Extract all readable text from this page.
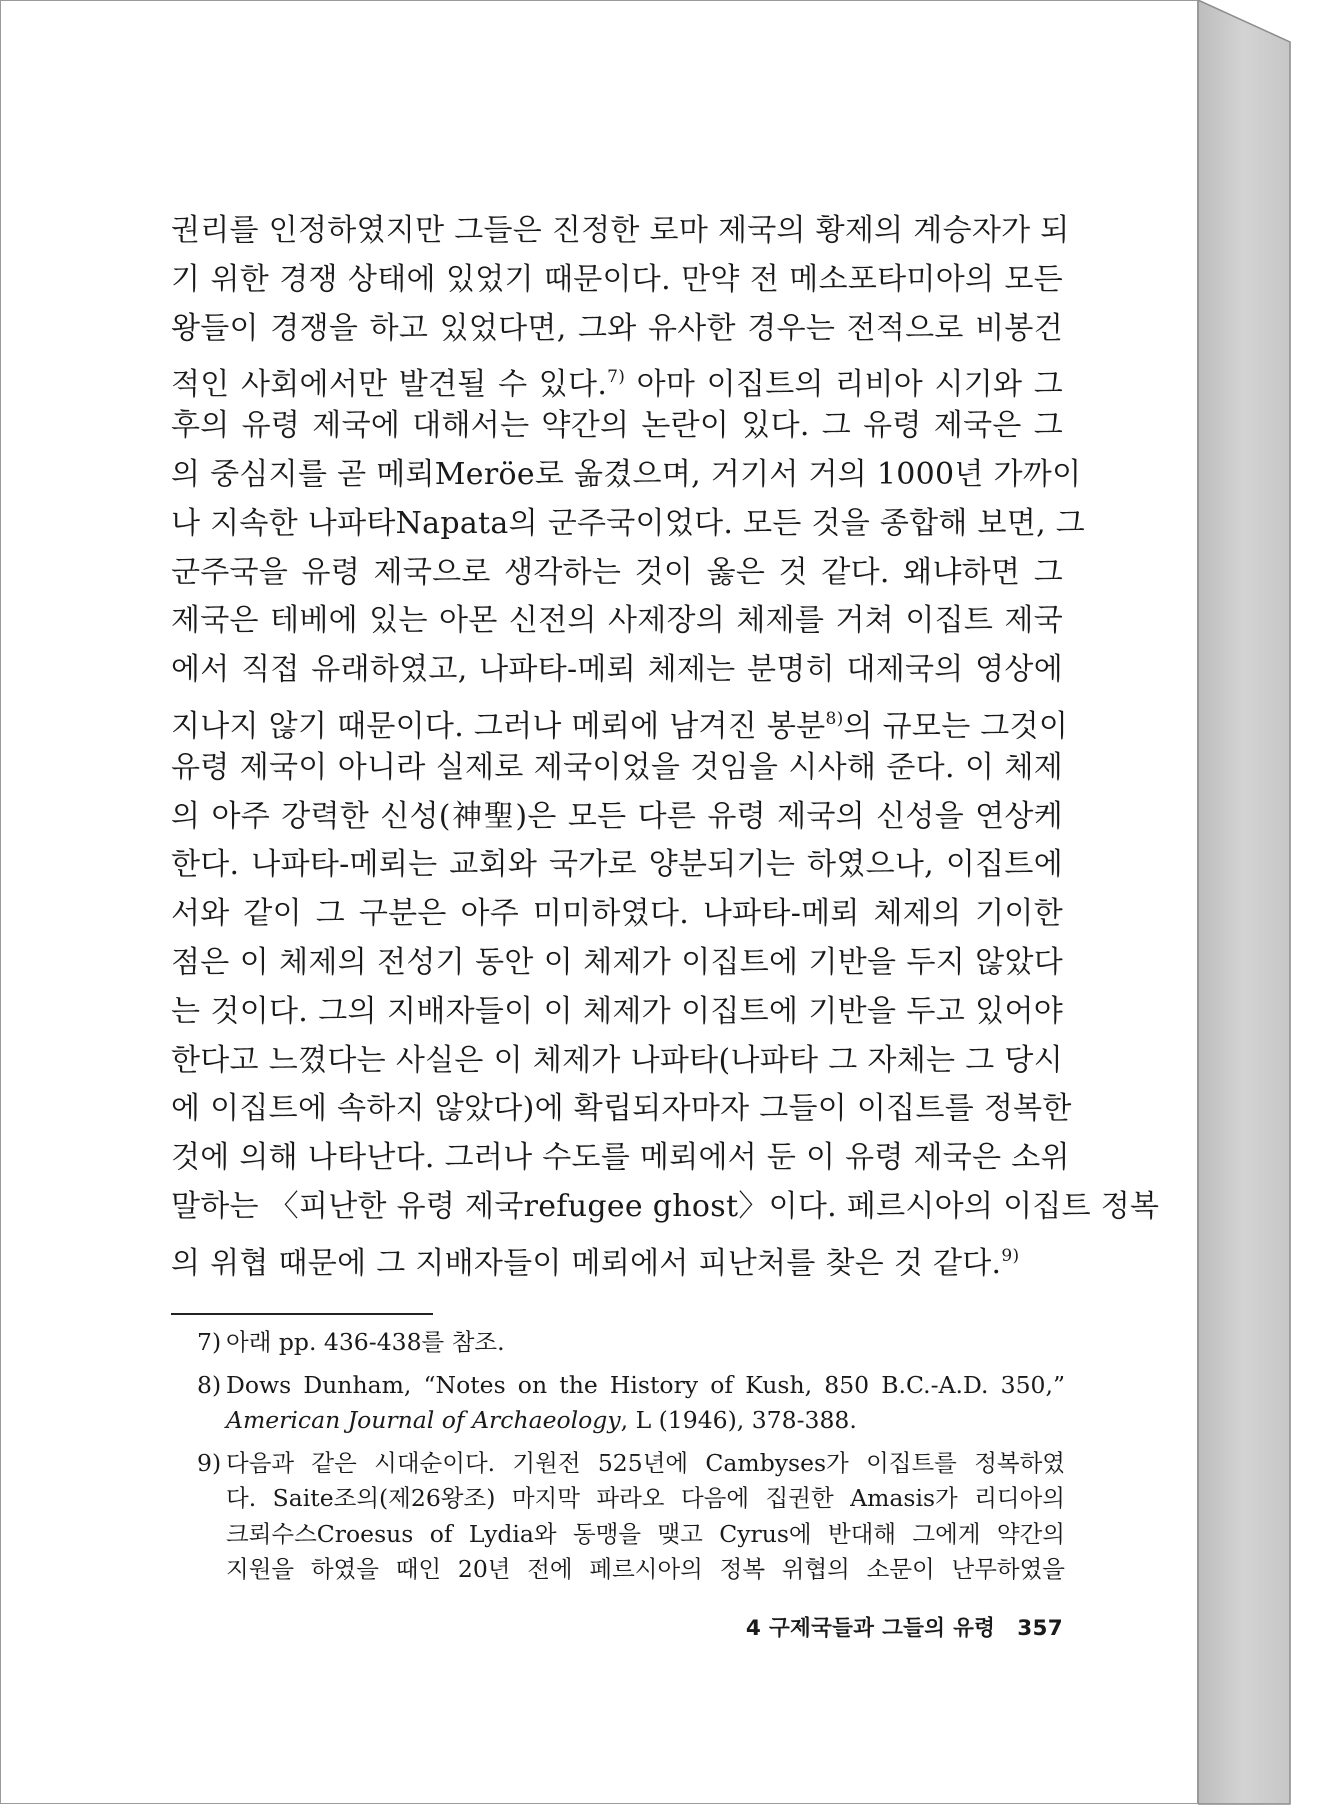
권리를 인정하였지만 그들은 진정한 로마 제국의 황제의 계승자가 되
기 위한 경쟁 상태에 있었기 때문이다. 만약 전 메소포타미아의 모든
왕들이 경쟁을 하고 있었다면, 그와 유사한 경우는 전적으로 비봉건
적인 사회에서만 발견될 수 있다.$^{7)}$ 아마 이집트의 리비아 시기와 그
후의 유령 제국에 대해서는 약간의 논란이 있다. 그 유령 제국은 그
의 중심지를 곧 메뢰Meröe로 옮겼으며, 거기서 거의 1000년 가까이
나 지속한 나파타Napata의 군주국이었다. 모든 것을 종합해 보면, 그
군주국을 유령 제국으로 생각하는 것이 옳은 것 같다. 왜냐하면 그
제국은 테베에 있는 아몬 신전의 사제장의 체제를 거쳐 이집트 제국
에서 직접 유래하였고, 나파타-메뢰 체제는 분명히 대제국의 영상에
지나지 않기 때문이다. 그러나 메뢰에 남겨진 봉분$^{8)}$의 규모는 그것이
유령 제국이 아니라 실제로 제국이었을 것임을 시사해 준다. 이 체제
의 아주 강력한 신성(神聖)은 모든 다른 유령 제국의 신성을 연상케
한다. 나파타-메뢰는 교회와 국가로 양분되기는 하였으나, 이집트에
서와 같이 그 구분은 아주 미미하였다. 나파타-메뢰 체제의 기이한
점은 이 체제의 전성기 동안 이 체제가 이집트에 기반을 두지 않았다
는 것이다. 그의 지배자들이 이 체제가 이집트에 기반을 두고 있어야
한다고 느꼈다는 사실은 이 체제가 나파타(나파타 그 자체는 그 당시
에 이집트에 속하지 않았다)에 확립되자마자 그들이 이집트를 정복한
것에 의해 나타난다. 그러나 수도를 메뢰에서 둔 이 유령 제국은 소위
말하는 〈피난한 유령 제국refugee ghost〉이다. 페르시아의 이집트 정복
의 위협 때문에 그 지배자들이 메뢰에서 피난처를 찾은 것 같다.$^{9)}$
7) 아래 pp. 436-438를 참조.
8) Dows Dunham, “Notes on the History of Kush, 850 B.C.-A.D. 350,”
American Journal of Archaeology, L (1946), 378-388.
9) 다음과 같은 시대순이다. 기원전 525년에 Cambyses가 이집트를 정복하였
다. Saite조의(제26왕조) 마지막 파라오 다음에 집권한 Amasis가 리디아의
크뢰수스Croesus of Lydia와 동맹을 맺고 Cyrus에 반대해 그에게 약간의
지원을 하였을 때인 20년 전에 페르시아의 정복 위협의 소문이 난무하였을
4 구제국들과 그들의 유령 357
